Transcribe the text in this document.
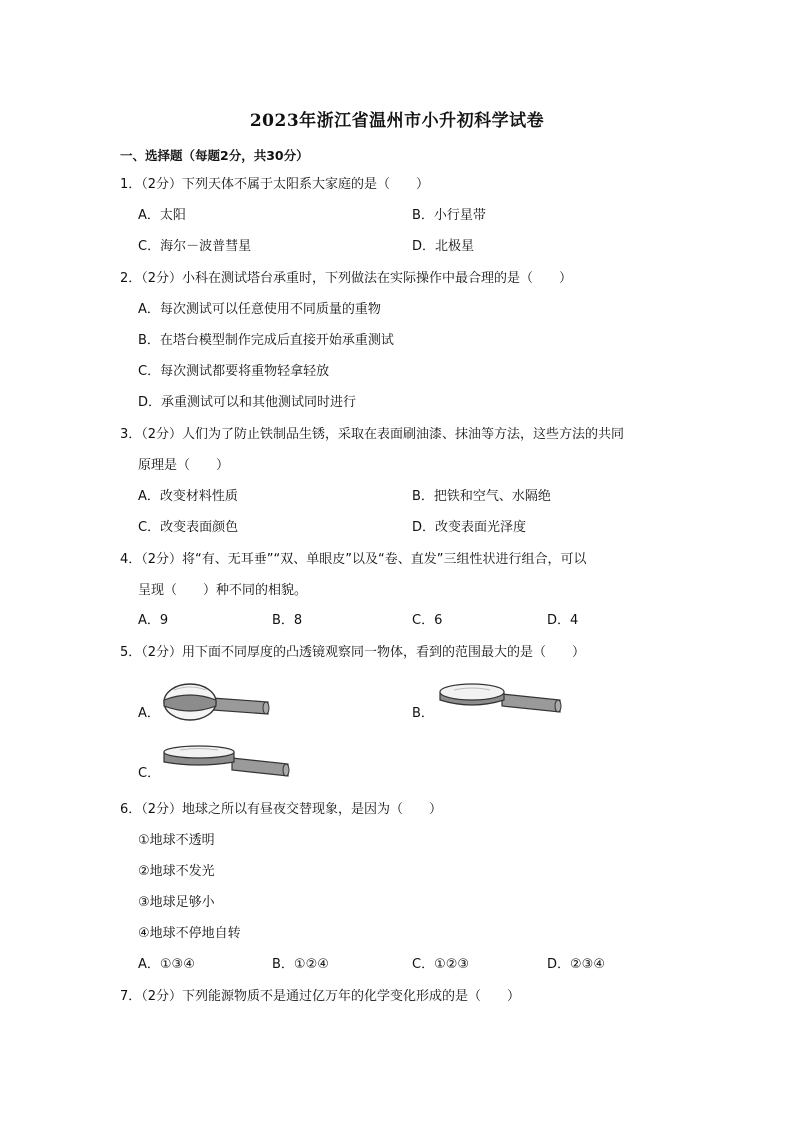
2023年浙江省温州市小升初科学试卷
一、选择题（每题2分，共30分）
1．（2分）下列天体不属于太阳系大家庭的是（　　）
A．太阳	B．小行星带
C．海尔－波普彗星	D．北极星
2．（2分）小科在测试塔台承重时，下列做法在实际操作中最合理的是（　　）
A．每次测试可以任意使用不同质量的重物
B．在塔台模型制作完成后直接开始承重测试
C．每次测试都要将重物轻拿轻放
D．承重测试可以和其他测试同时进行
3．（2分）人们为了防止铁制品生锈，采取在表面刷油漆、抹油等方法，这些方法的共同
原理是（　　）
A．改变材料性质	B．把铁和空气、水隔绝
C．改变表面颜色	D．改变表面光泽度
4．（2分）将“有、无耳垂”“双、单眼皮”以及“卷、直发”三组性状进行组合，可以
呈现（　　）种不同的相貌。
A．9	B．8	C．6	D．4
5．（2分）用下面不同厚度的凸透镜观察同一物体，看到的范围最大的是（　　）
A．	B．
C．
6．（2分）地球之所以有昼夜交替现象，是因为（　　）
①地球不透明
②地球不发光
③地球足够小
④地球不停地自转
A．①③④	B．①②④	C．①②③	D．②③④
7．（2分）下列能源物质不是通过亿万年的化学变化形成的是（　　）
